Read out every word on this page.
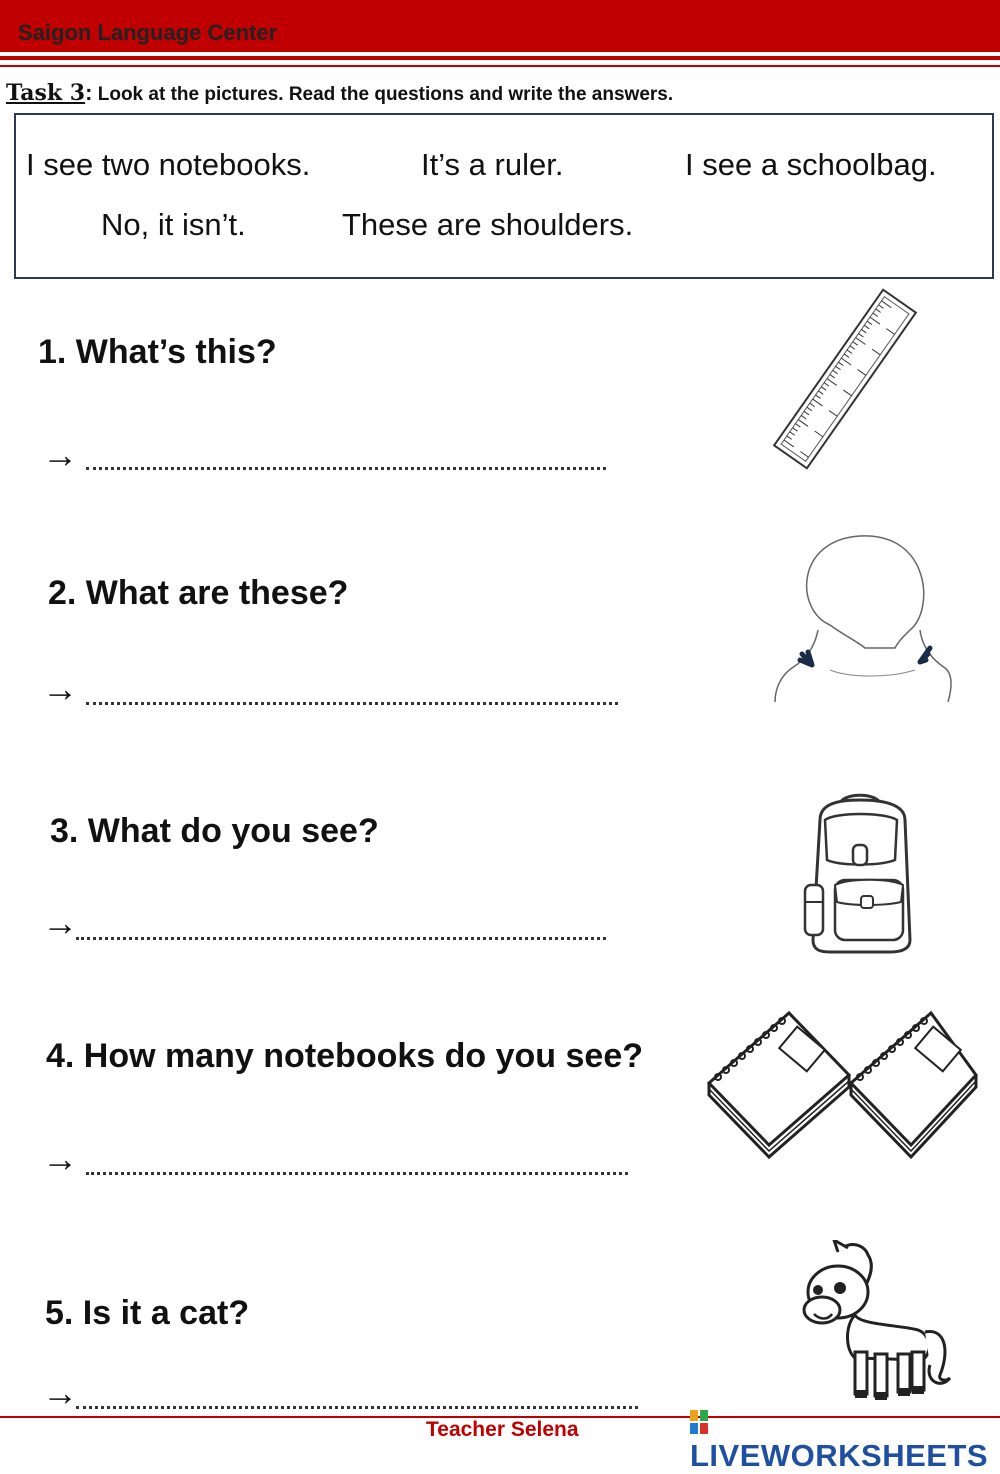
Saigon Language Center
Task 3: Look at the pictures. Read the questions and write the answers.
I see two notebooks.	It’s a ruler.	I see a schoolbag.
No, it isn’t.	These are shoulders.
1. What’s this?
→
2. What are these?
→
3. What do you see?
→
4. How many notebooks do you see?
→
5. Is it a cat?
→
Teacher Selena
LIVEWORKSHEETS
